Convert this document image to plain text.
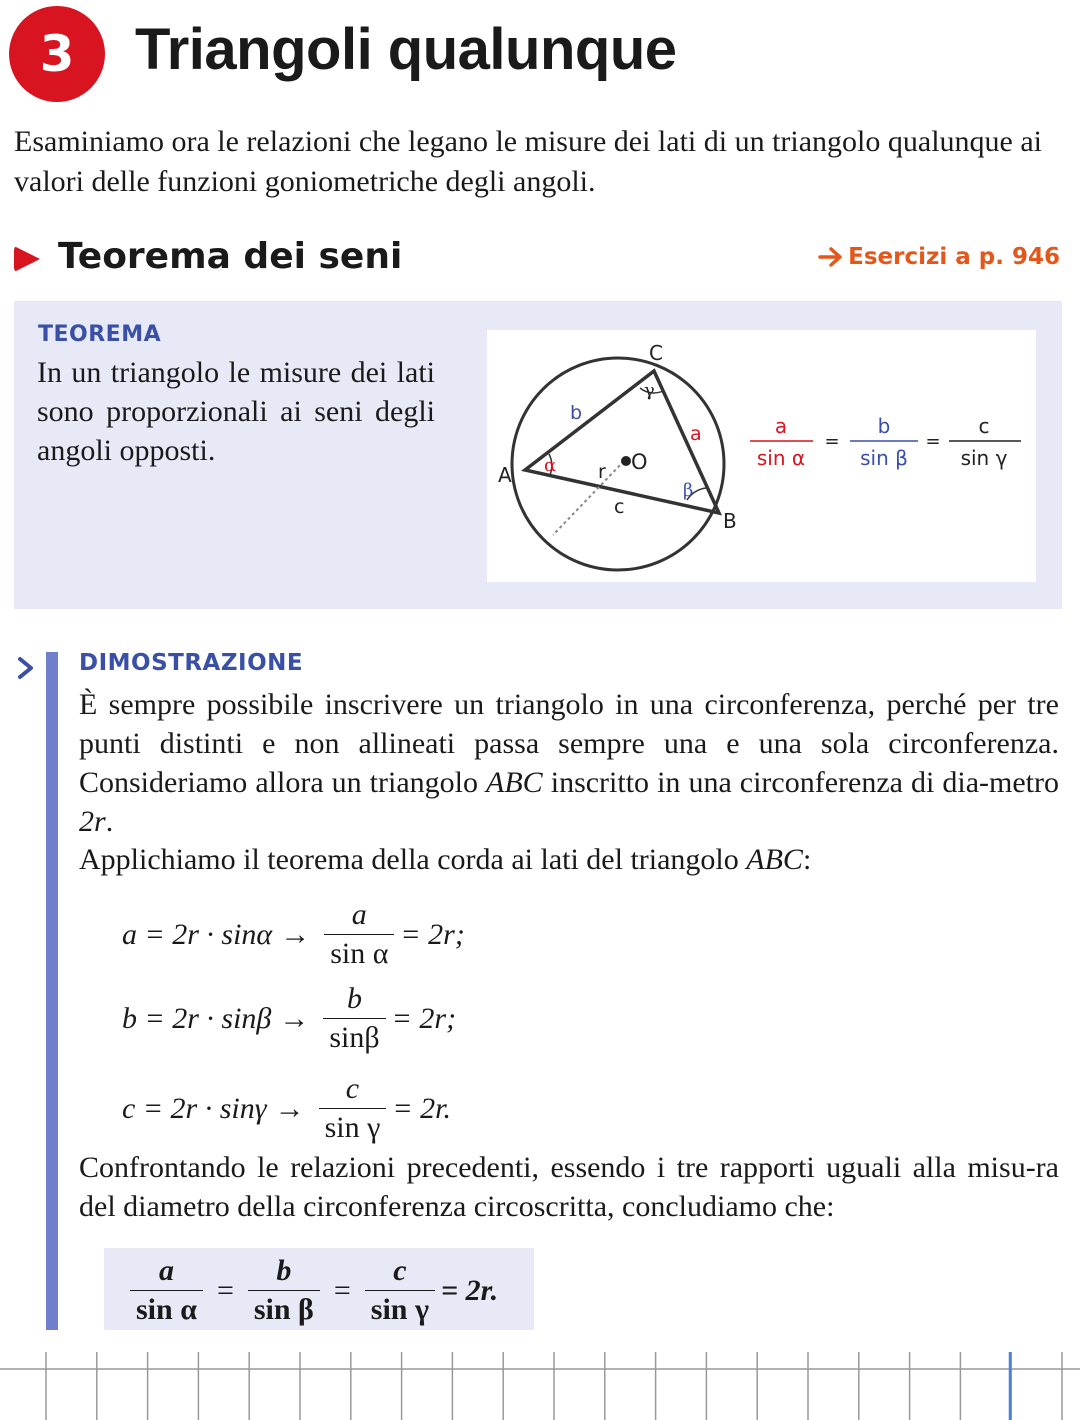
3	Triangoli qualunque
Esaminiamo ora le relazioni che legano le misure dei lati di un triangolo qualunque ai valori delle funzioni goniometriche degli angoli.
Teorema dei seni	Esercizi a p. 946
TEOREMA
In un triangolo le misure dei lati sono proporzionali ai seni degli angoli opposti.
A
B
C
a
b
c
α
β
γ
O
r
a
sin α
=
b
sin β
=
c
sin γ
DIMOSTRAZIONE
È sempre possibile inscrivere un triangolo in una circonferenza, perché per tre punti distinti e non allineati passa sempre una e una sola circonferenza. Consideriamo allora un triangolo ABC inscritto in una circonferenza di dia-metro 2r.
Applichiamo il teorema della corda ai lati del triangolo ABC:
$a = 2r \cdot \sin\alpha \to \frac{a}{\text{sin α}} = 2r$;
$b = 2r \cdot \sin\beta \to \frac{b}{\sin\beta} = 2r$;
$c = 2r \cdot \sin\gamma \to \frac{c}{\text{sin γ}} = 2r$.
Confrontando le relazioni precedenti, essendo i tre rapporti uguali alla misu-ra del diametro della circonferenza circoscritta, concludiamo che:
$\frac{a}{\text{sin α}} = \frac{b}{\text{sin β}} = \frac{c}{\text{sin γ}} = 2r$.
